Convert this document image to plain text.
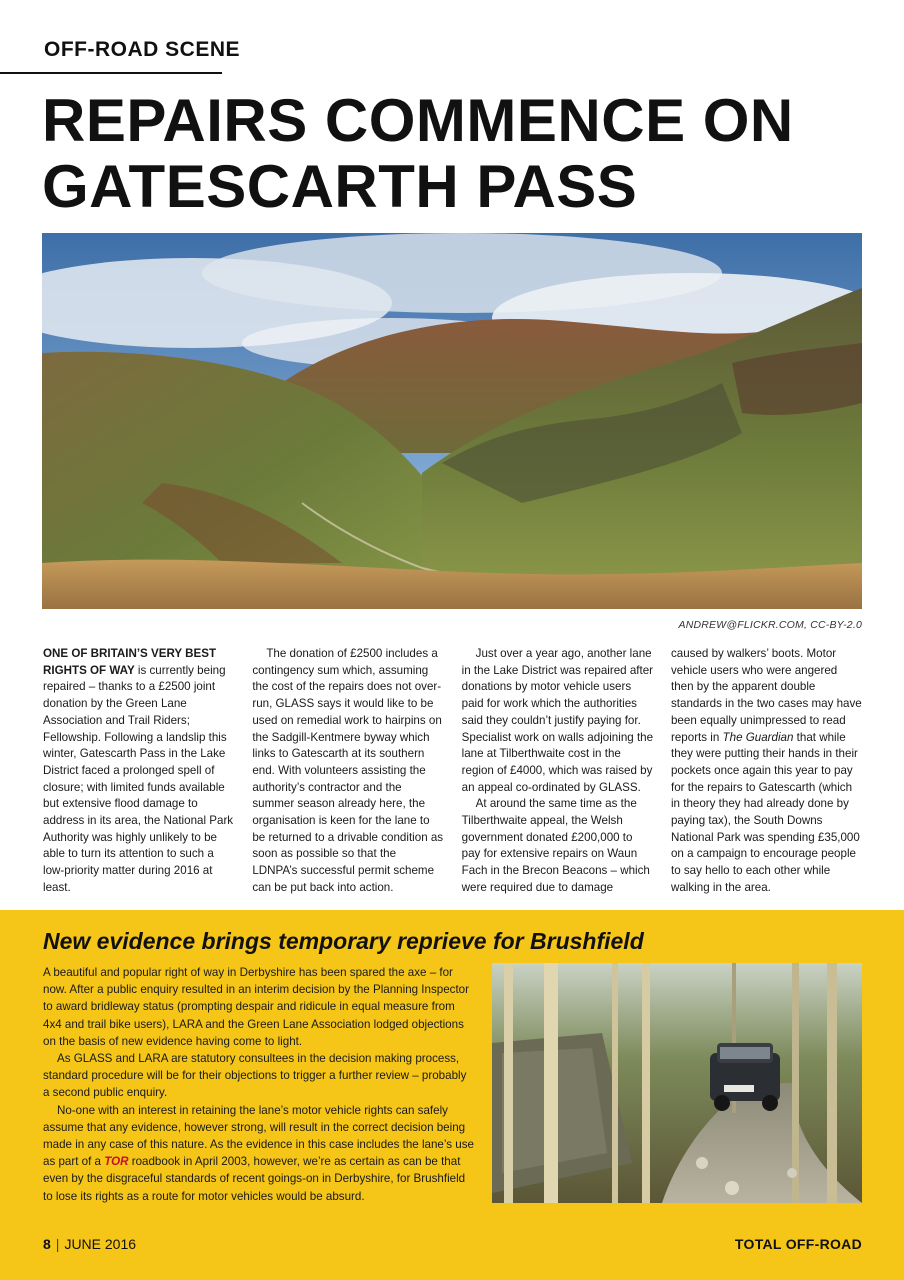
OFF-ROAD SCENE
REPAIRS COMMENCE ON
GATESCARTH PASS
ANDREW@FLICKR.COM, CC-BY-2.0

ONE OF BRITAIN’S VERY BEST RIGHTS OF WAY is currently being repaired – thanks to a £2500 joint donation by the Green Lane Association and Trail Riders; Fellowship. Following a landslip this winter, Gatescarth Pass in the Lake District faced a prolonged spell of closure; with limited funds available but extensive flood damage to address in its area, the National Park Authority was highly unlikely to be able to turn its attention to such a low-priority matter during 2016 at least.

The donation of £2500 includes a contingency sum which, assuming the cost of the repairs does not over-run, GLASS says it would like to be used on remedial work to hairpins on the Sadgill-Kentmere byway which links to Gatescarth at its southern end. With volunteers assisting the authority’s contractor and the summer season already here, the organisation is keen for the lane to be returned to a drivable condition as soon as possible so that the LDNPA’s successful permit scheme can be put back into action.

Just over a year ago, another lane in the Lake District was repaired after donations by motor vehicle users paid for work which the authorities said they couldn’t justify paying for. Specialist work on walls adjoining the lane at Tilberthwaite cost in the region of £4000, which was raised by an appeal co-ordinated by GLASS.

At around the same time as the Tilberthwaite appeal, the Welsh government donated £200,000 to pay for extensive repairs on Waun Fach in the Brecon Beacons – which were required due to damage

caused by walkers’ boots. Motor vehicle users who were angered then by the apparent double standards in the two cases may have been equally unimpressed to read reports in The Guardian that while they were putting their hands in their pockets once again this year to pay for the repairs to Gatescarth (which in theory they had already done by paying tax), the South Downs National Park was spending £35,000 on a campaign to encourage people to say hello to each other while walking in the area.

New evidence brings temporary reprieve for Brushfield

A beautiful and popular right of way in Derbyshire has been spared the axe – for now. After a public enquiry resulted in an interim decision by the Planning Inspector to award bridleway status (prompting despair and ridicule in equal measure from 4x4 and trail bike users), LARA and the Green Lane Association lodged objections on the basis of new evidence having come to light.

As GLASS and LARA are statutory consultees in the decision making process, standard procedure will be for their objections to trigger a further review – probably a second public enquiry.

No-one with an interest in retaining the lane’s motor vehicle rights can safely assume that any evidence, however strong, will result in the correct decision being made in any case of this nature. As the evidence in this case includes the lane’s use as part of a TOR roadbook in April 2003, however, we’re as certain as can be that even by the disgraceful standards of recent goings-on in Derbyshire, for Brushfield to lose its rights as a route for motor vehicles would be absurd.

8 | JUNE 2016	TOTAL OFF-ROAD
